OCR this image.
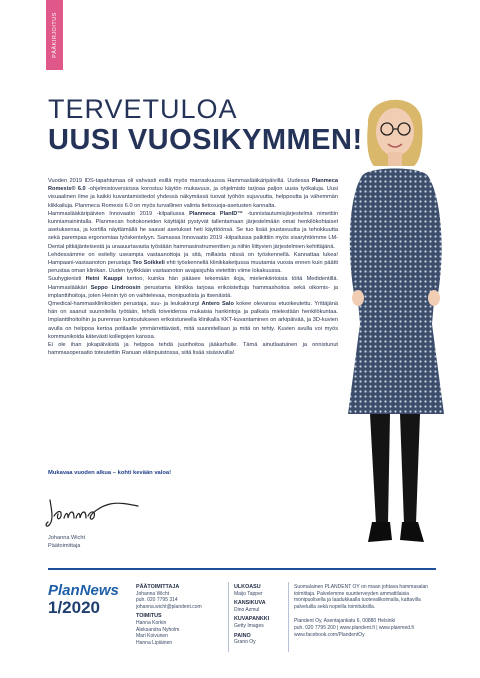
PÄÄKIRJOITUS
TERVETULOA
UUSI VUOSIKYMMEN!

Vuoden 2019 IDS-tapahtumaa oli vahvasti esillä myös marraskuussa Hammaslääkäripäivillä. Uudessa Planmeca Romexis® 6.0 -ohjelmistoversiossa korostuu käytön mukavuus, ja ohjelmisto tarjoaa paljon uusia työkaluja. Uusi visuaalinen ilme ja kaikki kuvantamistiedot yhdessä näkymässä tuovat työhön sujuvuutta, helppoutta ja vähemmän klikkailuja. Planmeca Romexis 6.0 on myös turvallinen valinta tietosuoja-asetusten kannalta.

Hammaslääkäripäivien Innovaatio 2019 -kilpailussa Planmeca PlanID™ -tunnistautumisjärjestelmä nimettiin kunniamainintalla. Planmecan hoitokoneiden käyttäjät pystyvät tallentamaan järjestelmään omat henkilökohtaiset asetuksensa, ja kortilla näyttämällä he saavat asetukset heti käyttöönsä. Se tuo lisää joustavuutta ja tehokkuutta sekä parempaa ergonomiaa työskentelyyn. Samassa Innovaatio 2019 -kilpailussa palkittiin myös sisaryhtiömme LM-Dental pitkäjänteisestä ja uraauurtavasta työstään hammasinstrumenttien ja niihin liittyvien järjestelmien kehittäjänä.

Lehdessämme on esitelty useampia vastaanottoja ja sitä, millaista niissä on työskennellä. Kannattaa lukea! Hampaani-vastaanoton perustaja Teo Soikkeli ehti työskennellä klinikkaketjussa muutamia vuosia ennen kuin päätti perustaa oman klinikan. Uuden tyylikkään vastaanoton avajaisjuhla vietettiin viime lokakuussa.

Suuhygienisti Heini Kauppi kertoo, kuinka hän pääsee tekemään iloja, mielenkiintoisia töitä Medidentillä. Hammaslääkäri Seppo Lindroosin perustama klinikka tarjoaa erikoistettuja hammashoitoa sekä oikomis- ja implanttihoitoja, joten Heinin työ on vaihtelevaa, monipuolista ja itsenäistä.

Qmedical-hammasklinikoiden perustaja, suu- ja leukakirurgi Antero Salo kokee olevansa etuoikeutettu. Yrittäjänä hän on saanut suunnitella työtään, tehdä toiveidensa mukaisia hankintoja ja palkata mielestään henkilökuntaa. Implanttihoitoihin ja purennan kuntoutukseen erikoistuneella klinikalla KKT-kuvantaminen on arkipäivää, ja 3D-kuvien avulla on helppoa kertoa potilaalle ymmärrettävästi, mitä suunnitellaan ja mitä on tehty. Kuvien avulla voi myös kommunikoida kätevästi kollegojen kanssa.

Ei ole ihan jokapäiväistä ja helppoa tehdä juurihoitoa jääkarhulle. Tämä ainutlaatuinen ja onnistunut hammasoperaatio toteutettiin Ranuan eläinpuistossa, siitä lisää sisäsivuilla!

Mukavaa vuoden alkua – kohti kevään valoa!
Johanna Wicht
Päätoimittaja
PlanNews
1/2020
PÄÄTOIMITTAJA
Johanna Wicht
puh. 020 7795 314
johanna.wicht@plandent.com
TOIMITUS
Hanna Korkin
Aleksandra Nyholm
Mari Koivunen
Hanna Lipiäinen
ULKOASU
Maijo Tapper
KANSIKUVA
Dino Azmul
KUVAPANKKI
Getty Images
PAINO
Grano Oy
Suomalainen PLANDENT OY on maan johtava hammasalan toimittaja. Palvelemme suunterveyden ammattilaisia monipuolisella ja laadukkaalla tuotevalikoimalla, kattavilla palveluilla sekä nopeilla toimituksilla.
Plandent Oy, Asentajankatu 6, 00880 Helsinki
puh. 020 7795 200 | www.plandent.fi | www.planmed.fi
www.facebook.com/PlandentOy
